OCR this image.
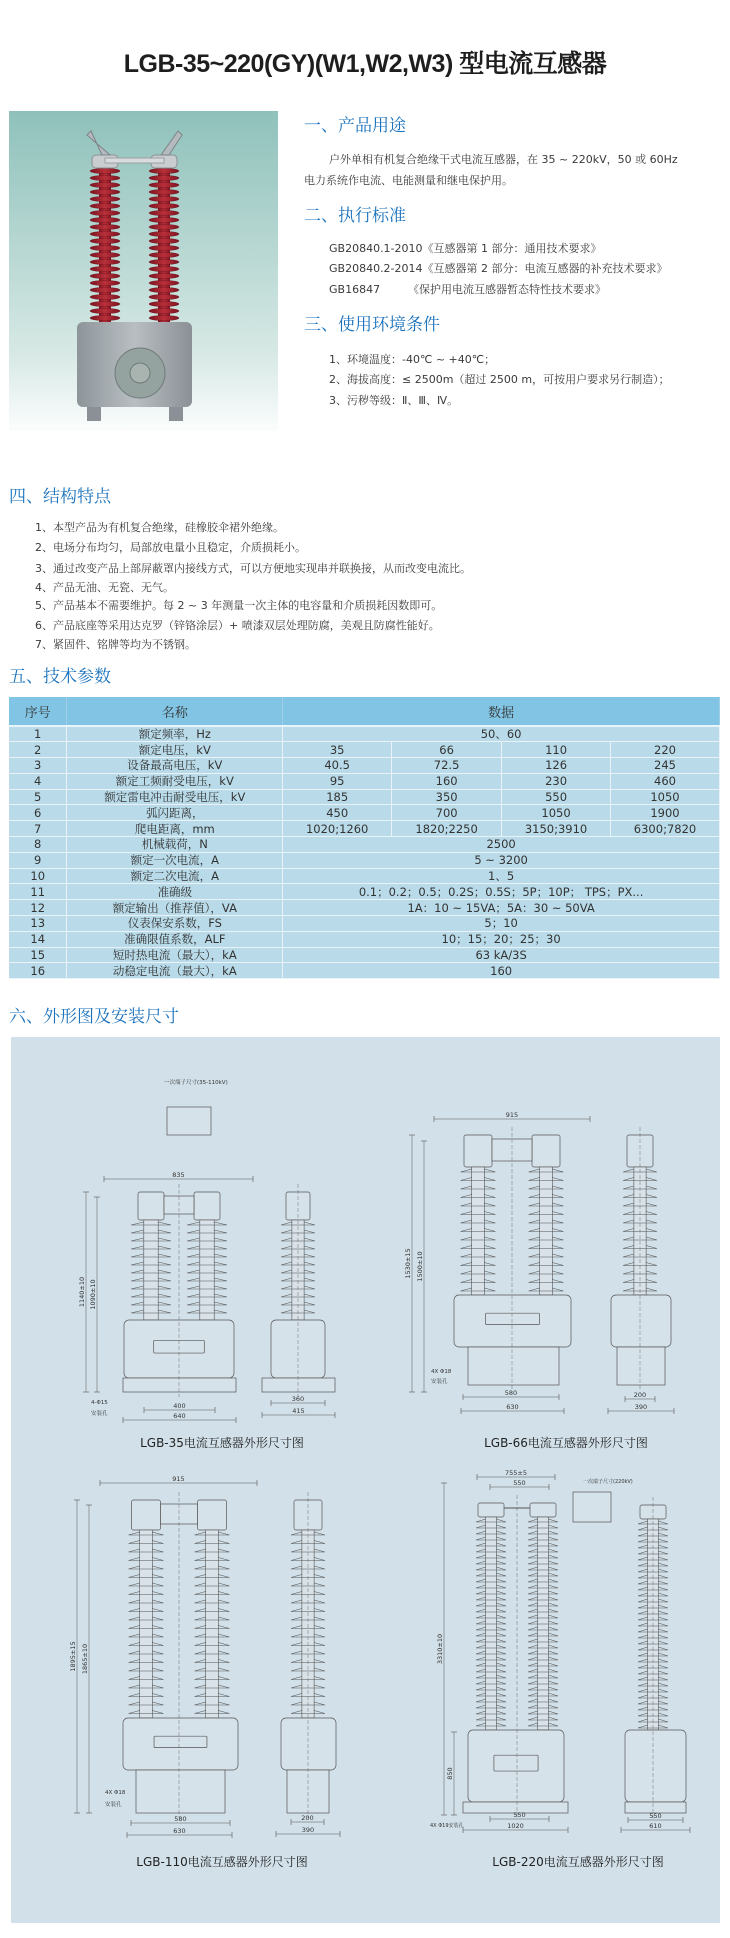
LGB-35~220(GY)(W1,W2,W3) 型电流互感器
一、产品用途
户外单相有机复合绝缘干式电流互感器，在 35 ~ 220kV，50 或 60Hz
电力系统作电流、电能测量和继电保护用。
二、执行标准
GB20840.1-2010《互感器第 1 部分：通用技术要求》
GB20840.2-2014《互感器第 2 部分：电流互感器的补充技术要求》
GB16847        《保护用电流互感器暂态特性技术要求》
三、使用环境条件
1、环境温度：-40℃ ~ +40℃；
2、海拔高度：≤ 2500m（超过 2500 m，可按用户要求另行制造）；
3、污秽等级：Ⅱ、Ⅲ、Ⅳ。
四、结构特点
1、本型产品为有机复合绝缘，硅橡胶伞裙外绝缘。
2、电场分布均匀，局部放电量小且稳定，介质损耗小。
3、通过改变产品上部屏蔽罩内接线方式，可以方便地实现串并联换接，从而改变电流比。
4、产品无油、无瓷、无气。
5、产品基本不需要维护。每 2 ~ 3 年测量一次主体的电容量和介质损耗因数即可。
6、产品底座等采用达克罗（锌铬涂层）+ 喷漆双层处理防腐，美观且防腐性能好。
7、紧固件、铭牌等均为不锈钢。
五、技术参数
序号	名称	数据			
1	额定频率，Hz	50、60			
2	额定电压，kV	35	66	110	220
3	设备最高电压，kV	40.5	72.5	126	245
4	额定工频耐受电压，kV	95	160	230	460
5	额定雷电冲击耐受电压，kV	185	350	550	1050
6	弧闪距离，	450	700	1050	1900
7	爬电距离，mm	1020;1260	1820;2250	3150;3910	6300;7820
8	机械载荷，N	2500			
9	额定一次电流，A	5 ~ 3200			
10	额定二次电流，A	1、5			
11	准确级	0.1；0.2；0.5；0.2S；0.5S；5P；10P； TPS；PX...			
12	额定输出（推荐值），VA	1A：10 ~ 15VA；5A：30 ~ 50VA			
13	仪表保安系数，FS	5；10			
14	准确限值系数，ALF	10；15；20；25；30			
15	短时热电流（最大），kA	63 kA/3S			
16	动稳定电流（最大），kA	160			
六、外形图及安装尺寸
835
1140±10 1090±10
400
640
360
415
4-Φ15
安装孔
一次端子尺寸(35-110kV)
915
1530±15 1500±10
580
630
200
390
4X Φ18
安装孔
915
1895±15 1865±10
580
630
200
390
4X Φ18
安装孔
755±5
550
3310±10
850
550
1020
550
610
4X Φ19安装孔
一次端子尺寸(220kV)
LGB-35电流互感器外形尺寸图	LGB-66电流互感器外形尺寸图
LGB-110电流互感器外形尺寸图	LGB-220电流互感器外形尺寸图
